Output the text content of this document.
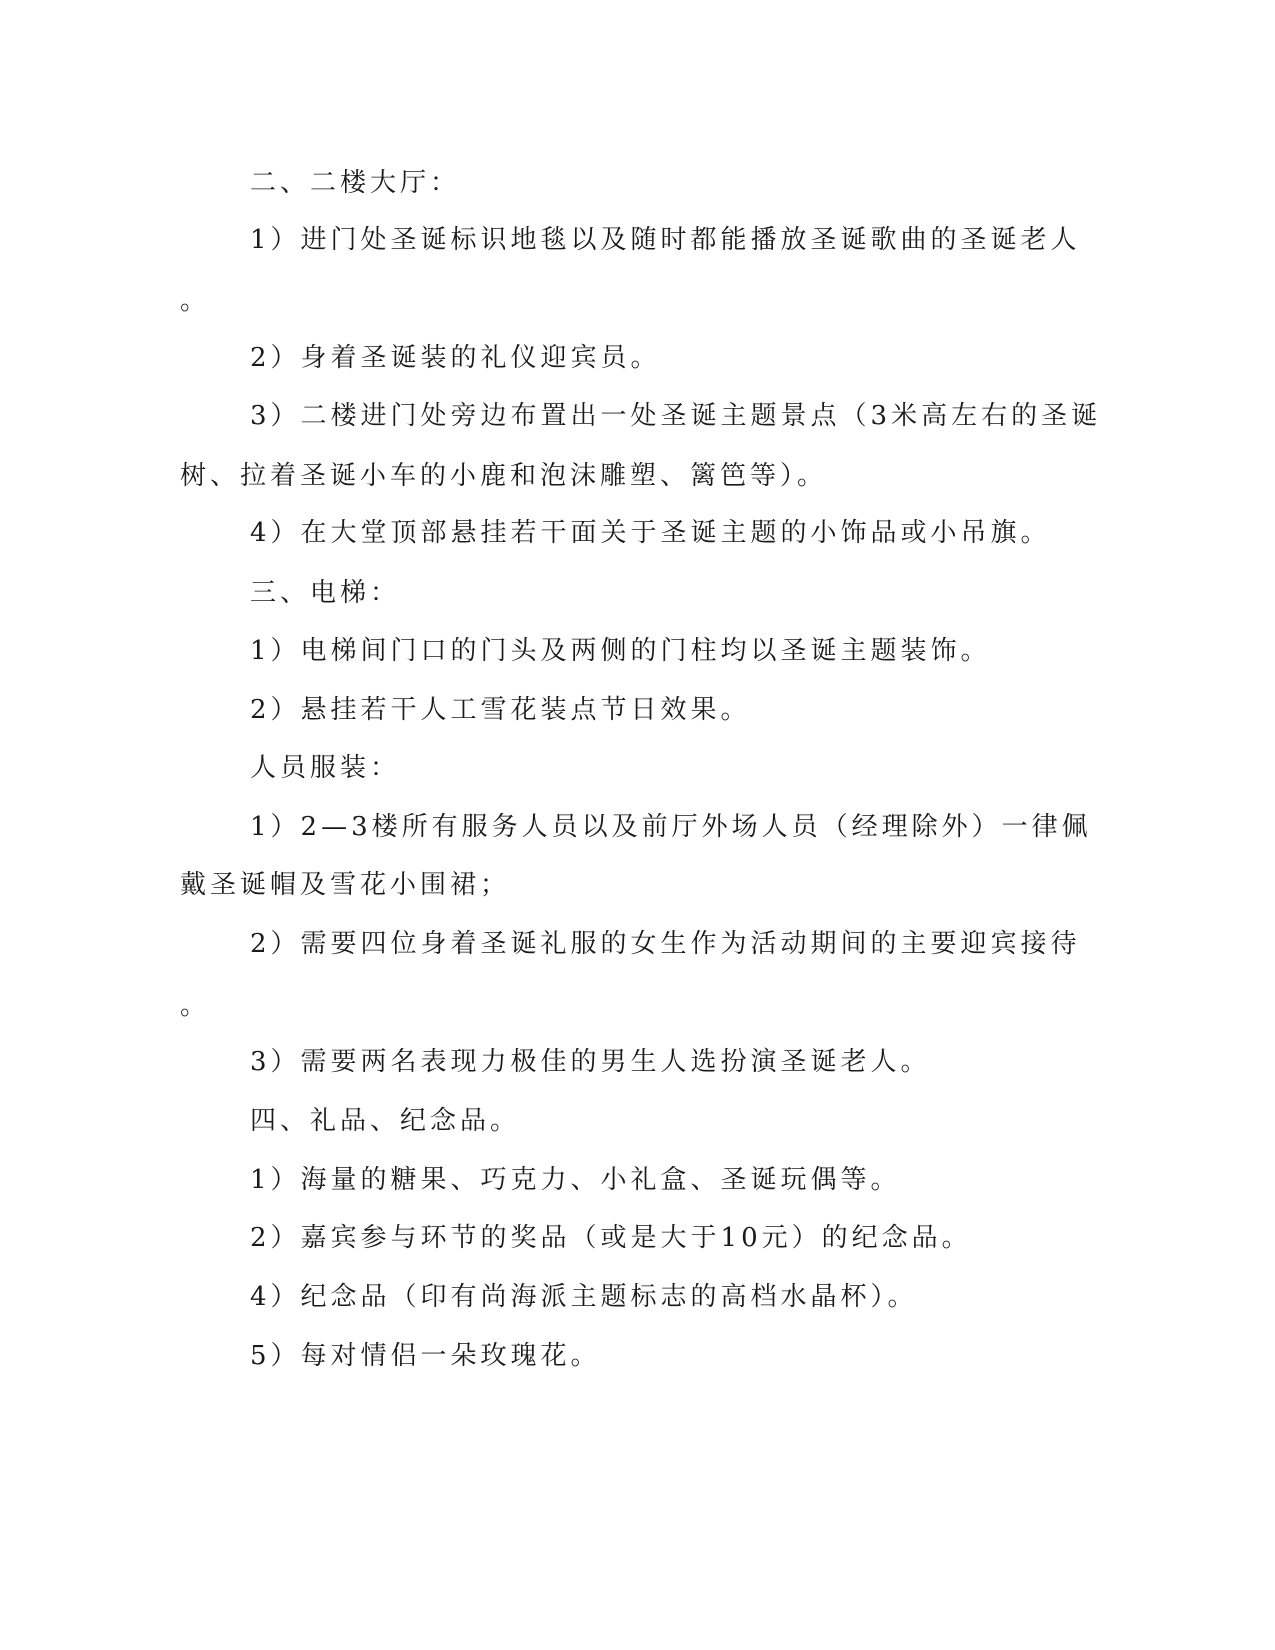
二、二楼大厅：

1）进门处圣诞标识地毯以及随时都能播放圣诞歌曲的圣诞老人

。

2）身着圣诞装的礼仪迎宾员。

3）二楼进门处旁边布置出一处圣诞主题景点（3米高左右的圣诞

树、拉着圣诞小车的小鹿和泡沫雕塑、篱笆等）。

4）在大堂顶部悬挂若干面关于圣诞主题的小饰品或小吊旗。

三、电梯：

1）电梯间门口的门头及两侧的门柱均以圣诞主题装饰。

2）悬挂若干人工雪花装点节日效果。

人员服装：

1）2—3楼所有服务人员以及前厅外场人员（经理除外）一律佩

戴圣诞帽及雪花小围裙；

2）需要四位身着圣诞礼服的女生作为活动期间的主要迎宾接待

。

3）需要两名表现力极佳的男生人选扮演圣诞老人。

四、礼品、纪念品。

1）海量的糖果、巧克力、小礼盒、圣诞玩偶等。

2）嘉宾参与环节的奖品（或是大于10元）的纪念品。

4）纪念品（印有尚海派主题标志的高档水晶杯）。

5）每对情侣一朵玫瑰花。
